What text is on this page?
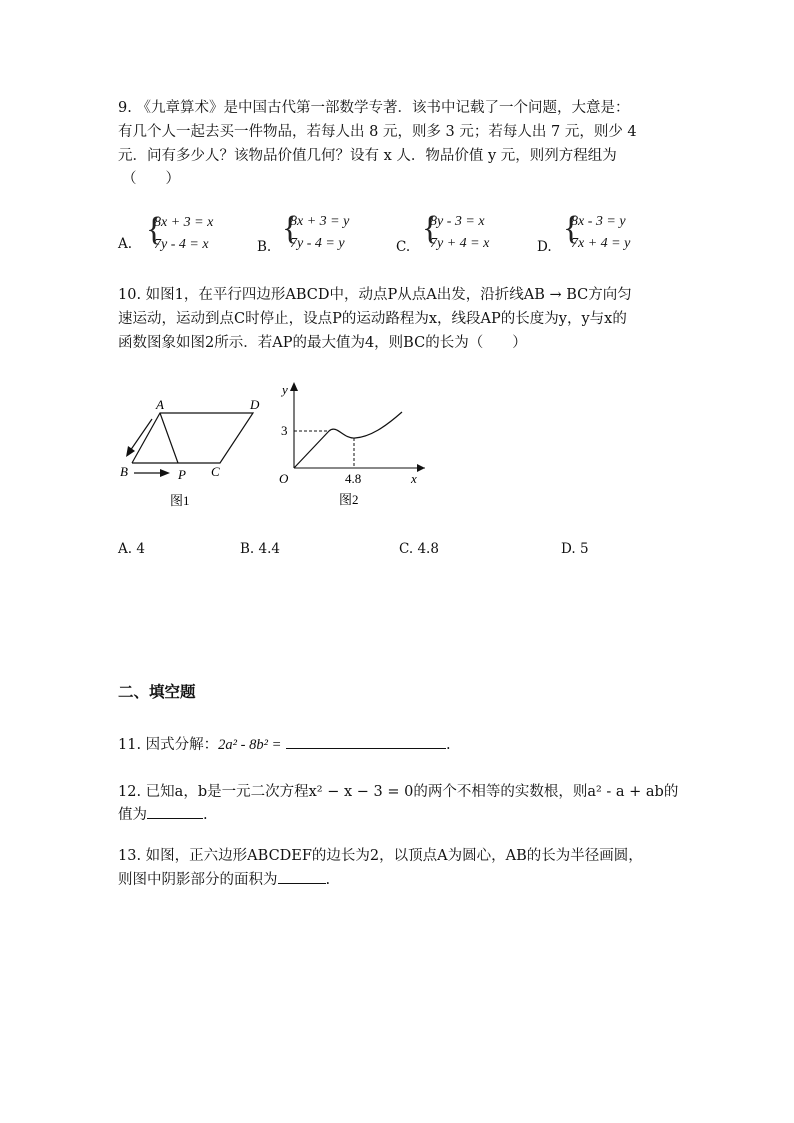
9. 《九章算术》是中国古代第一部数学专著．该书中记载了一个问题，大意是：
有几个人一起去买一件物品，若每人出 8 元，则多 3 元；若每人出 7 元，则少 4
元．问有多少人？该物品价值几何？设有 x 人．物品价值 y 元，则列方程组为
（　　）
A. {
8x + 3 = x
7y - 4 = x	B. {
8x + 3 = y
7y - 4 = y	C. {
8y - 3 = x
7y + 4 = x	D. {
8x - 3 = y
7x + 4 = y
10. 如图1，在平行四边形ABCD中，动点P从点A出发，沿折线AB → BC方向匀
速运动，运动到点C时停止，设点P的运动路程为x，线段AP的长度为y，y与x的
函数图象如图2所示．若AP的最大值为4，则BC的长为（　　）
A	D
B	P C
图1
y
x
O
3
4.8
图2
A. 4	B. 4.4	C. 4.8	D. 5
二、填空题
11. 因式分解：2a² - 8b² =	.
12. 已知a，b是一元二次方程x² − x − 3 = 0的两个不相等的实数根，则a² - a + ab的
值为	.
13. 如图，正六边形ABCDEF的边长为2，以顶点A为圆心，AB的长为半径画圆，
则图中阴影部分的面积为	.
